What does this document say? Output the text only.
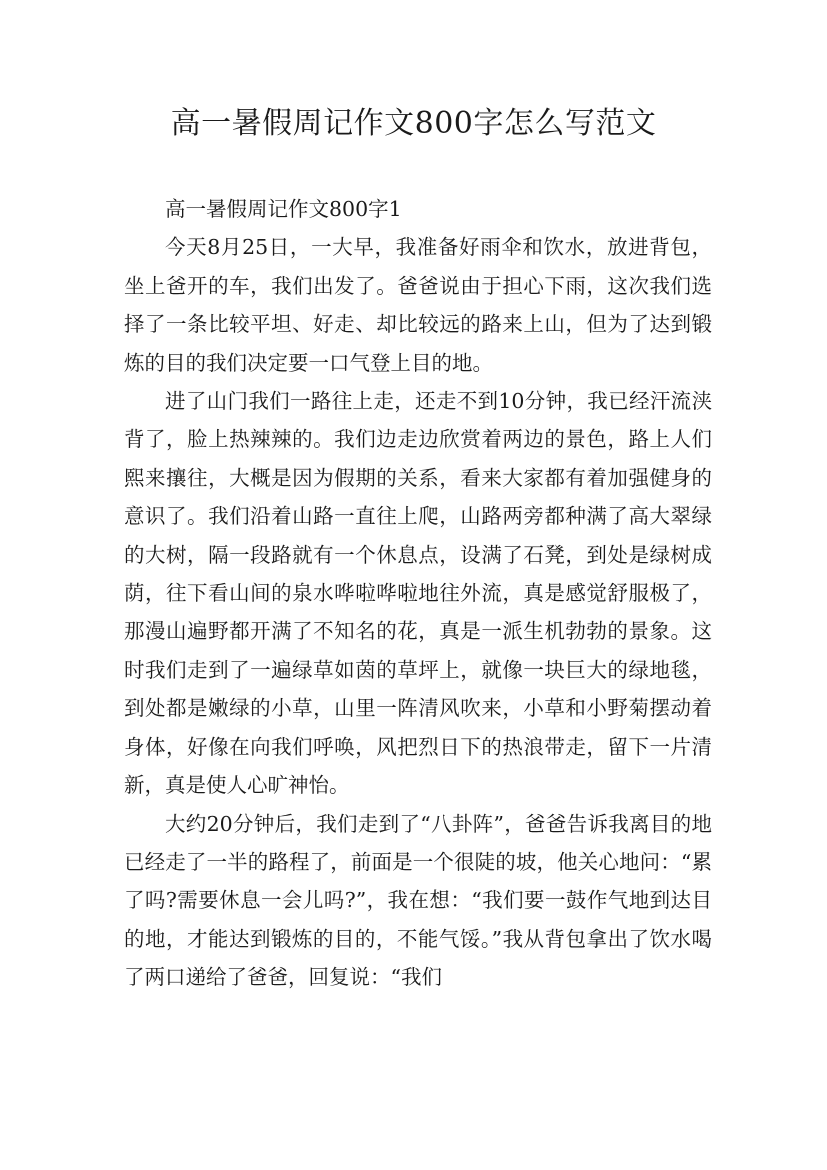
高一暑假周记作文800字怎么写范文

高一暑假周记作文800字1

今天8月25日，一大早，我准备好雨伞和饮水，放进背包，坐上爸开的车，我们出发了。爸爸说由于担心下雨，这次我们选择了一条比较平坦、好走、却比较远的路来上山，但为了达到锻炼的目的我们决定要一口气登上目的地。

进了山门我们一路往上走，还走不到10分钟，我已经汗流浃背了，脸上热辣辣的。我们边走边欣赏着两边的景色，路上人们熙来攘往，大概是因为假期的关系，看来大家都有着加强健身的意识了。我们沿着山路一直往上爬，山路两旁都种满了高大翠绿的大树，隔一段路就有一个休息点，设满了石凳，到处是绿树成荫，往下看山间的泉水哗啦哗啦地往外流，真是感觉舒服极了，那漫山遍野都开满了不知名的花，真是一派生机勃勃的景象。这时我们走到了一遍绿草如茵的草坪上，就像一块巨大的绿地毯，到处都是嫩绿的小草，山里一阵清风吹来，小草和小野菊摆动着身体，好像在向我们呼唤，风把烈日下的热浪带走，留下一片清新，真是使人心旷神怡。

大约20分钟后，我们走到了“八卦阵”，爸爸告诉我离目的地已经走了一半的路程了，前面是一个很陡的坡，他关心地问：“累了吗?需要休息一会儿吗?”，我在想：“我们要一鼓作气地到达目的地，才能达到锻炼的目的，不能气馁。”我从背包拿出了饮水喝了两口递给了爸爸，回复说：“我们
